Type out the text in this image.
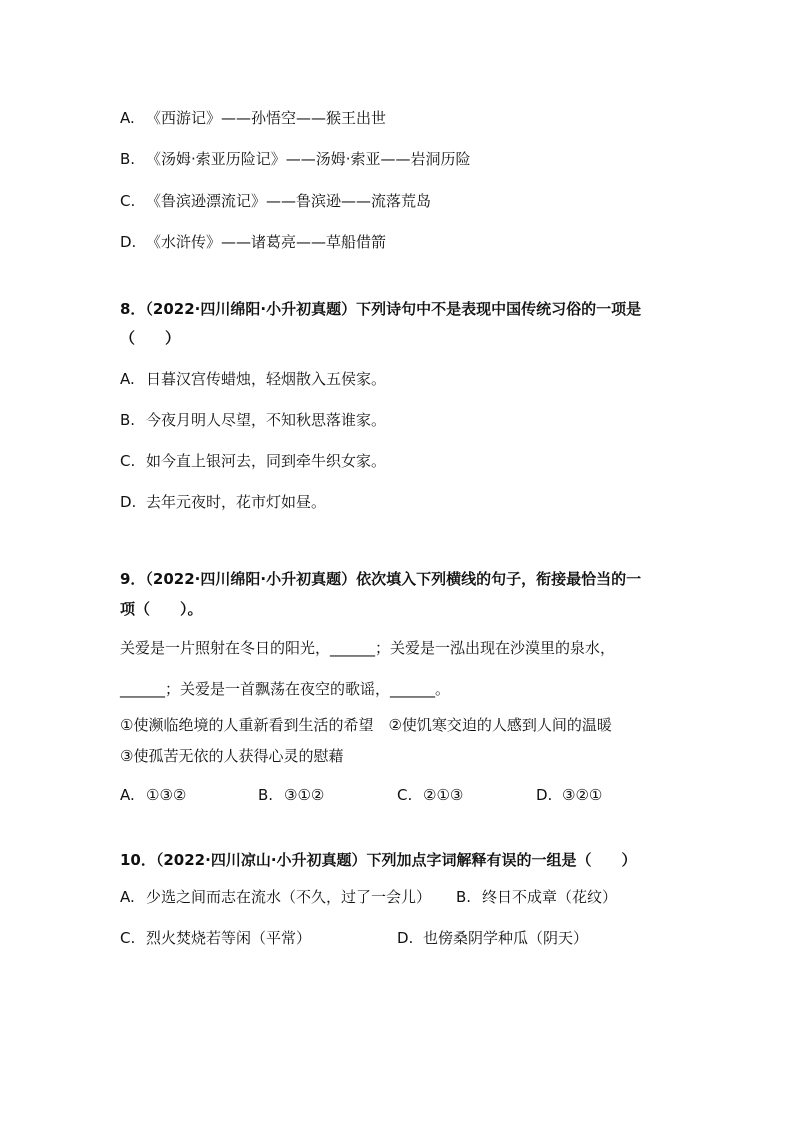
A. 《西游记》——孙悟空——猴王出世
B. 《汤姆·索亚历险记》——汤姆·索亚——岩洞历险
C. 《鲁滨逊漂流记》——鲁滨逊——流落荒岛
D. 《水浒传》——诸葛亮——草船借箭
8．（2022·四川绵阳·小升初真题）下列诗句中不是表现中国传统习俗的一项是
（　　）
A. 日暮汉宫传蜡烛，轻烟散入五侯家。
B. 今夜月明人尽望，不知秋思落谁家。
C. 如今直上银河去，同到牵牛织女家。
D. 去年元夜时，花市灯如昼。
9．（2022·四川绵阳·小升初真题）依次填入下列横线的句子，衔接最恰当的一
项（　　）。
关爱是一片照射在冬日的阳光，______；关爱是一泓出现在沙漠里的泉水，
______；关爱是一首飘荡在夜空的歌谣，______。
①使濒临绝境的人重新看到生活的希望　②使饥寒交迫的人感到人间的温暖
③使孤苦无依的人获得心灵的慰藉
A. ①③②	B. ③①②	C. ②①③	D. ③②①
10．（2022·四川凉山·小升初真题）下列加点字词解释有误的一组是（　　）
A. 少选之间而志在流水（不久，过了一会儿） B. 终日不成章（花纹）
C. 烈火焚烧若等闲（平常）	D. 也傍桑阴学种瓜（阴天）
